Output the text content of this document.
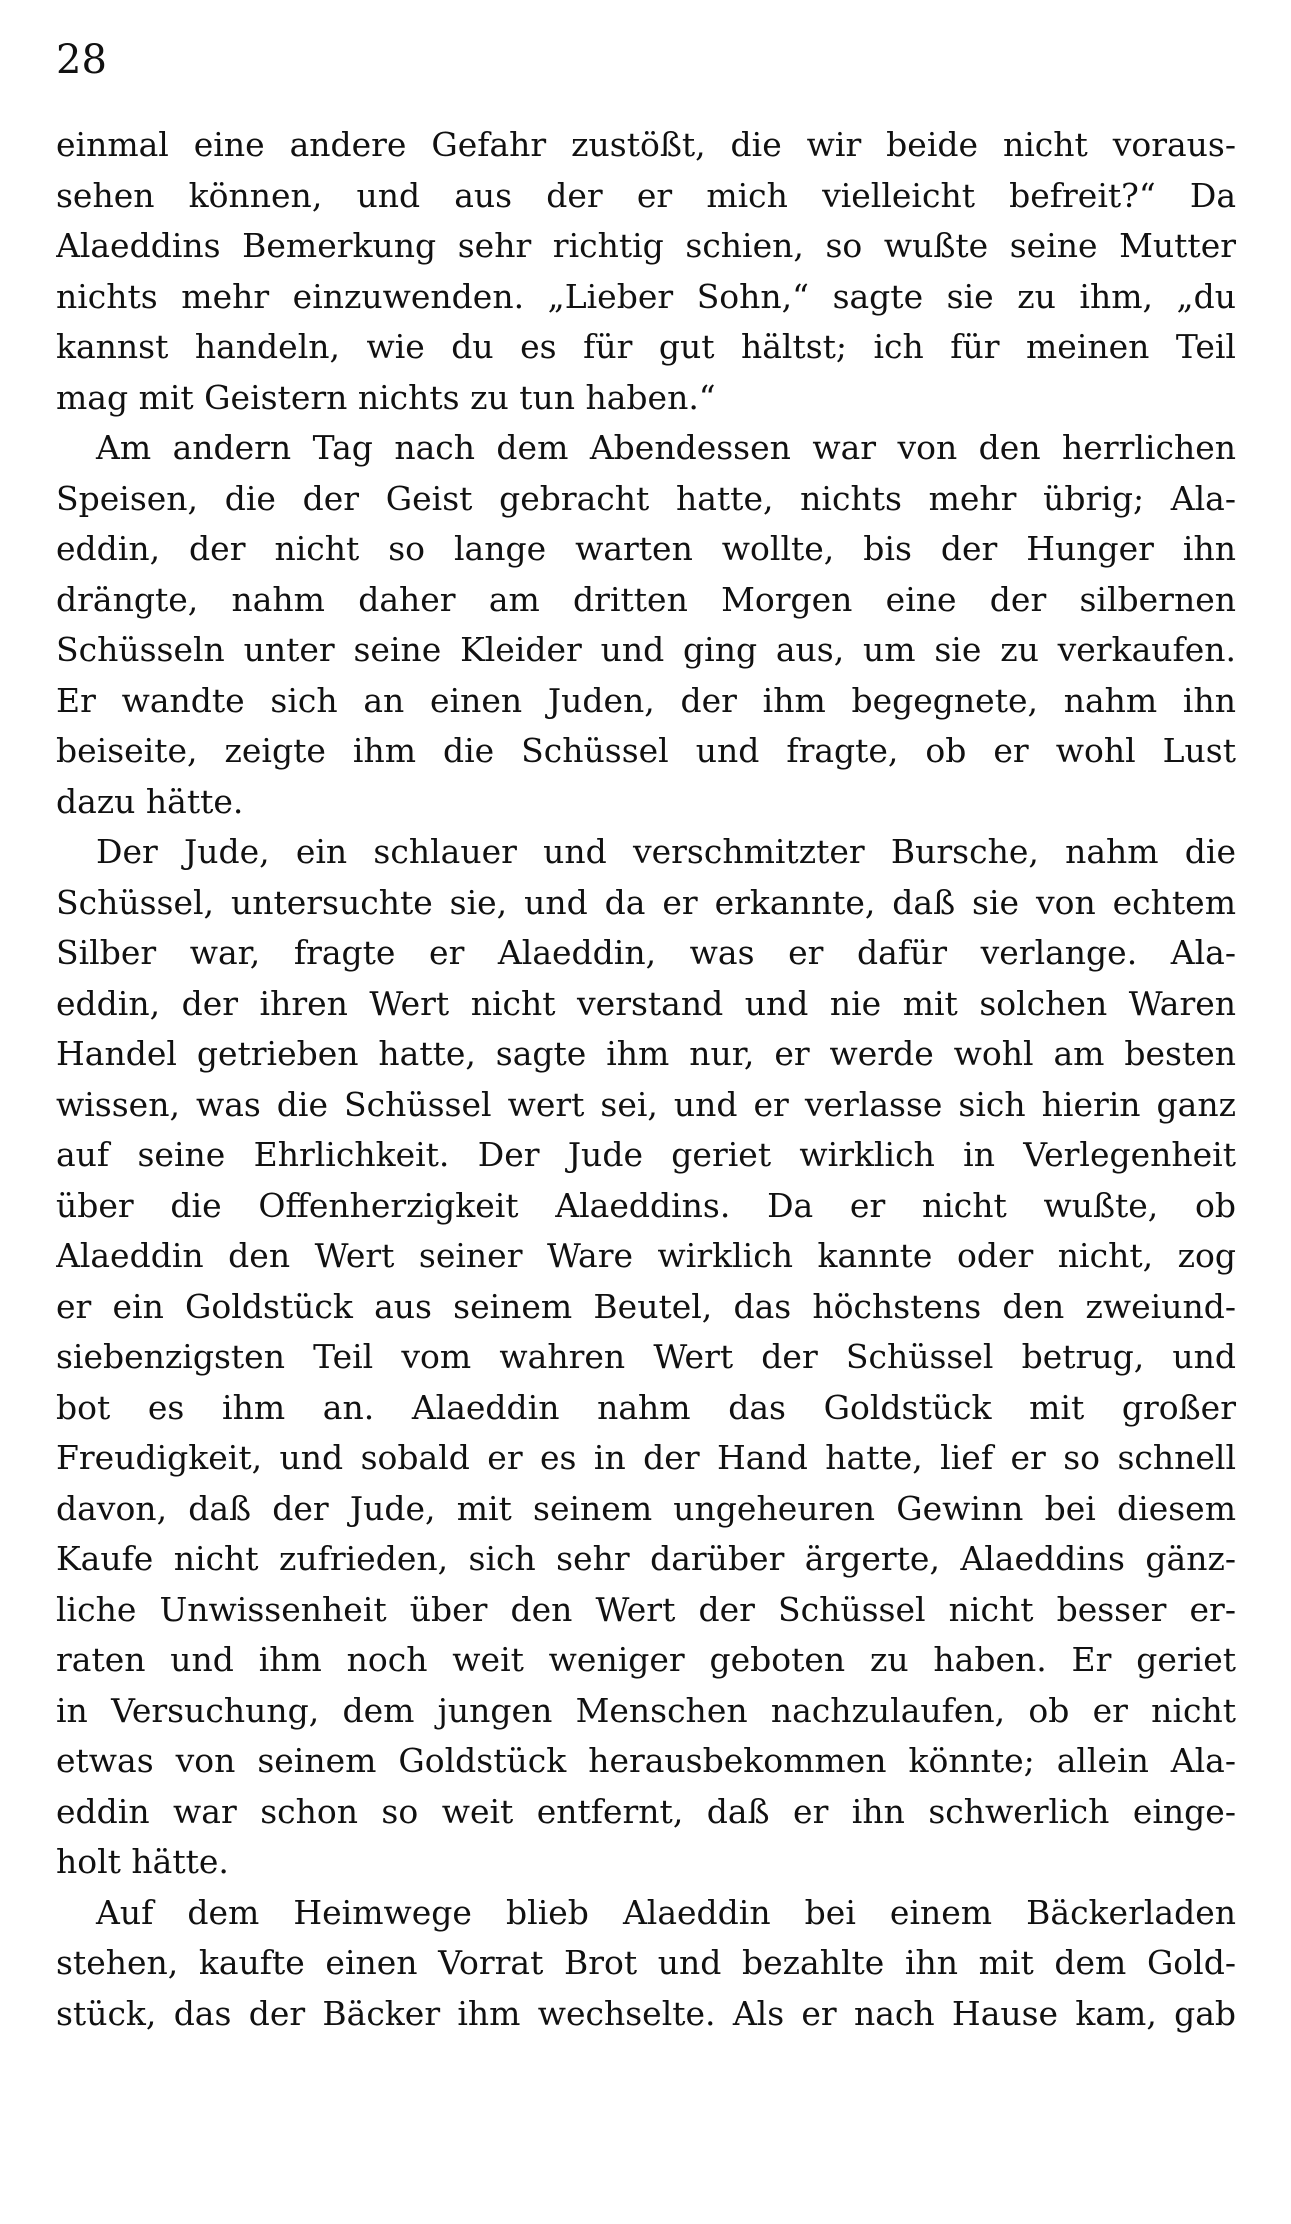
28
einmal eine andere Gefahr zustößt, die wir beide nicht voraus-
sehen können, und aus der er mich vielleicht befreit?“ Da
Alaeddins Bemerkung sehr richtig schien, so wußte seine Mutter
nichts mehr einzuwenden. „Lieber Sohn,“ sagte sie zu ihm, „du
kannst handeln, wie du es für gut hältst; ich für meinen Teil
mag mit Geistern nichts zu tun haben.“
Am andern Tag nach dem Abendessen war von den herrlichen
Speisen, die der Geist gebracht hatte, nichts mehr übrig; Ala-
eddin, der nicht so lange warten wollte, bis der Hunger ihn
drängte, nahm daher am dritten Morgen eine der silbernen
Schüsseln unter seine Kleider und ging aus, um sie zu verkaufen.
Er wandte sich an einen Juden, der ihm begegnete, nahm ihn
beiseite, zeigte ihm die Schüssel und fragte, ob er wohl Lust
dazu hätte.
Der Jude, ein schlauer und verschmitzter Bursche, nahm die
Schüssel, untersuchte sie, und da er erkannte, daß sie von echtem
Silber war, fragte er Alaeddin, was er dafür verlange. Ala-
eddin, der ihren Wert nicht verstand und nie mit solchen Waren
Handel getrieben hatte, sagte ihm nur, er werde wohl am besten
wissen, was die Schüssel wert sei, und er verlasse sich hierin ganz
auf seine Ehrlichkeit. Der Jude geriet wirklich in Verlegenheit
über die Offenherzigkeit Alaeddins. Da er nicht wußte, ob
Alaeddin den Wert seiner Ware wirklich kannte oder nicht, zog
er ein Goldstück aus seinem Beutel, das höchstens den zweiund-
siebenzigsten Teil vom wahren Wert der Schüssel betrug, und
bot es ihm an. Alaeddin nahm das Goldstück mit großer
Freudigkeit, und sobald er es in der Hand hatte, lief er so schnell
davon, daß der Jude, mit seinem ungeheuren Gewinn bei diesem
Kaufe nicht zufrieden, sich sehr darüber ärgerte, Alaeddins gänz-
liche Unwissenheit über den Wert der Schüssel nicht besser er-
raten und ihm noch weit weniger geboten zu haben. Er geriet
in Versuchung, dem jungen Menschen nachzulaufen, ob er nicht
etwas von seinem Goldstück herausbekommen könnte; allein Ala-
eddin war schon so weit entfernt, daß er ihn schwerlich einge-
holt hätte.
Auf dem Heimwege blieb Alaeddin bei einem Bäckerladen
stehen, kaufte einen Vorrat Brot und bezahlte ihn mit dem Gold-
stück, das der Bäcker ihm wechselte. Als er nach Hause kam, gab
